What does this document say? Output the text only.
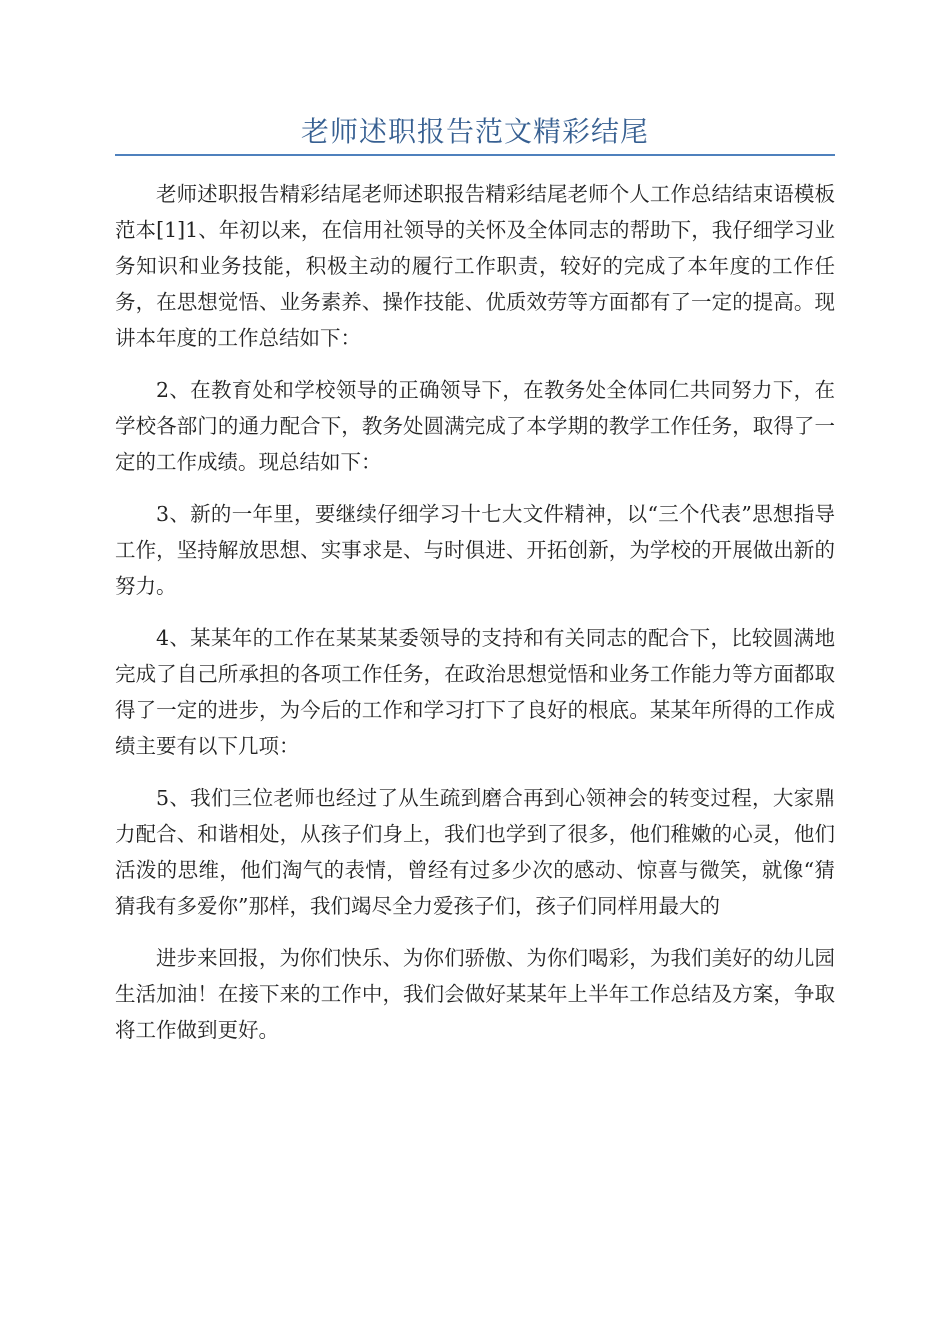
老师述职报告范文精彩结尾

老师述职报告精彩结尾老师述职报告精彩结尾老师个人工作总结结束语模板范本[1]1、年初以来，在信用社领导的关怀及全体同志的帮助下，我仔细学习业务知识和业务技能，积极主动的履行工作职责，较好的完成了本年度的工作任务，在思想觉悟、业务素养、操作技能、优质效劳等方面都有了一定的提高。现讲本年度的工作总结如下：

2、在教育处和学校领导的正确领导下，在教务处全体同仁共同努力下，在学校各部门的通力配合下，教务处圆满完成了本学期的教学工作任务，取得了一定的工作成绩。现总结如下：

3、新的一年里，要继续仔细学习十七大文件精神，以“三个代表”思想指导工作，坚持解放思想、实事求是、与时俱进、开拓创新，为学校的开展做出新的努力。

4、某某年的工作在某某某委领导的支持和有关同志的配合下，比较圆满地完成了自己所承担的各项工作任务，在政治思想觉悟和业务工作能力等方面都取得了一定的进步，为今后的工作和学习打下了良好的根底。某某年所得的工作成绩主要有以下几项：

5、我们三位老师也经过了从生疏到磨合再到心领神会的转变过程，大家鼎力配合、和谐相处，从孩子们身上，我们也学到了很多，他们稚嫩的心灵，他们活泼的思维，他们淘气的表情，曾经有过多少次的感动、惊喜与微笑，就像“猜猜我有多爱你”那样，我们竭尽全力爱孩子们，孩子们同样用最大的

进步来回报，为你们快乐、为你们骄傲、为你们喝彩，为我们美好的幼儿园生活加油！在接下来的工作中，我们会做好某某年上半年工作总结及方案，争取将工作做到更好。
